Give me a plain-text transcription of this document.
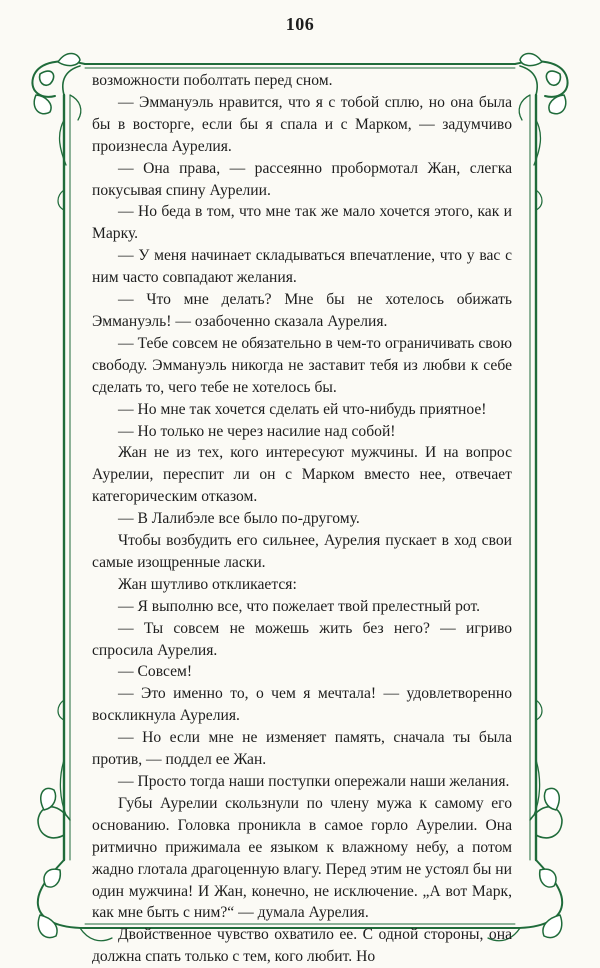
106

возможности поболтать перед сном.

— Эммануэль нравится, что я с тобой сплю, но она была бы в восторге, если бы я спала и с Марком, — задумчиво произнесла Аурелия.

— Она права, — рассеянно пробормотал Жан, слегка покусывая спину Аурелии.

— Но беда в том, что мне так же мало хочется этого, как и Марку.

— У меня начинает складываться впечатление, что у вас с ним часто совпадают желания.

— Что мне делать? Мне бы не хотелось обижать Эммануэль! — озабоченно сказала Аурелия.

— Тебе совсем не обязательно в чем-то ограничивать свою свободу. Эммануэль никогда не заставит тебя из любви к себе сделать то, чего тебе не хотелось бы.

— Но мне так хочется сделать ей что-нибудь приятное!

— Но только не через насилие над собой!

Жан не из тех, кого интересуют мужчины. И на вопрос Аурелии, переспит ли он с Марком вместо нее, отвечает категорическим отказом.

— В Лалибэле все было по-другому.

Чтобы возбудить его сильнее, Аурелия пускает в ход свои самые изощренные ласки.

Жан шутливо откликается:

— Я выполню все, что пожелает твой прелестный рот.

— Ты совсем не можешь жить без него? — игриво спросила Аурелия.

— Совсем!

— Это именно то, о чем я мечтала! — удовлетворенно воскликнула Аурелия.

— Но если мне не изменяет память, сначала ты была против, — поддел ее Жан.

— Просто тогда наши поступки опережали наши желания.

Губы Аурелии скользнули по члену мужа к самому его основанию. Головка проникла в самое горло Аурелии. Она ритмично прижимала ее языком к влажному небу, а потом жадно глотала драгоценную влагу. Перед этим не устоял бы ни один мужчина! И Жан, конечно, не исключение. „А вот Марк, как мне быть с ним?“ — думала Аурелия.

Двойственное чувство охватило ее. С одной стороны, она должна спать только с тем, кого любит. Но
